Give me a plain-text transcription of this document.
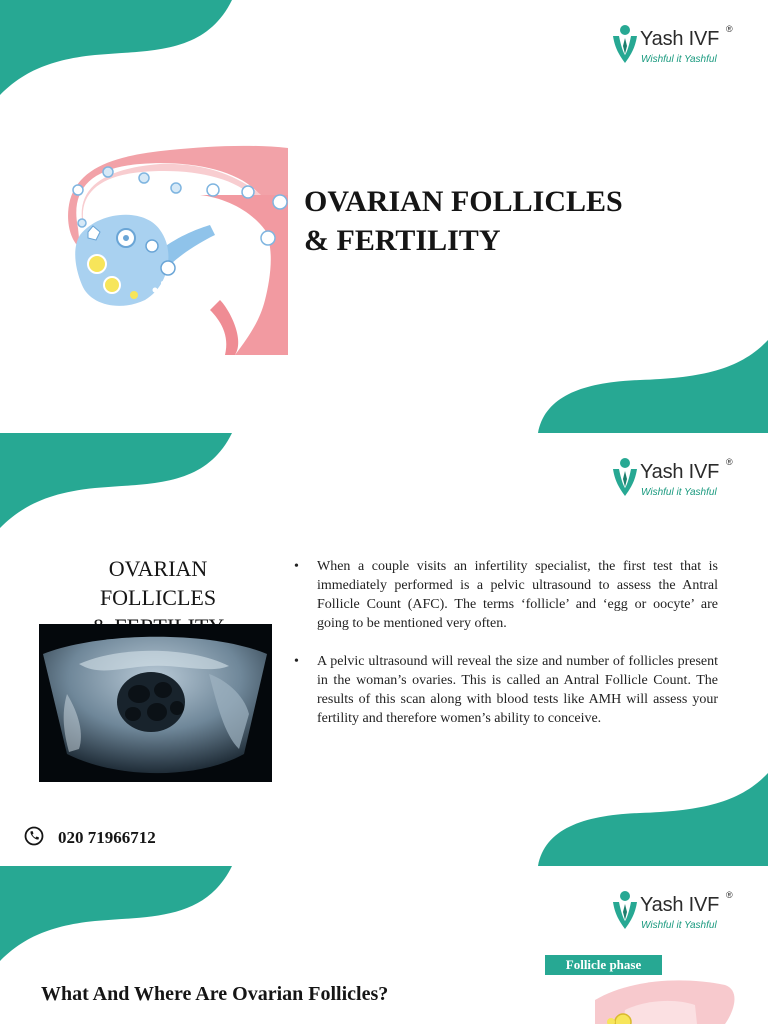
Yash IVF ®
Wishful it Yashful
OVARIAN FOLLICLES
& FERTILITY
Yash IVF ®
Wishful it Yashful
OVARIAN
FOLLICLES
• When a couple visits an infertility specialist, the first test that is immediately performed is a pelvic ultrasound to assess the Antral Follicle Count (AFC). The terms ‘follicle’ and ‘egg or oocyte’ are going to be mentioned very often.
• A pelvic ultrasound will reveal the size and number of follicles present in the woman’s ovaries. This is called an Antral Follicle Count. The results of this scan along with blood tests like AMH will assess your fertility and therefore women’s ability to conceive.
020 71966712
Yash IVF ®
Wishful it Yashful
Follicle phase
What And Where Are Ovarian Follicles?
